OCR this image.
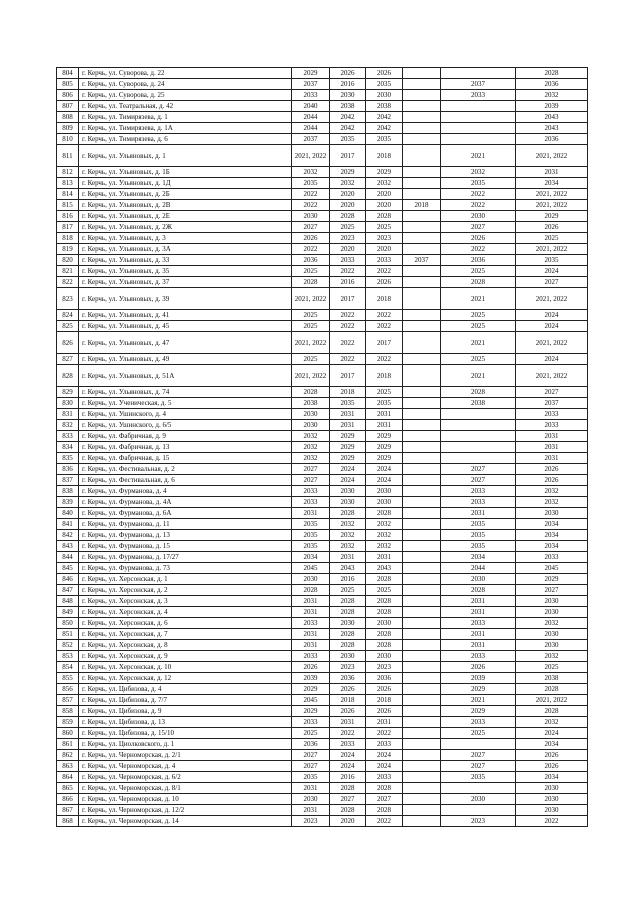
804	г. Керчь, ул. Суворова, д. 22	2029	2026	2026			2028
805	г. Керчь, ул. Суворова, д. 24	2037	2016	2035		2037	2036
806	г. Керчь, ул. Суворова, д. 25	2033	2030	2030		2033	2032
807	г. Керчь, ул. Театральная, д. 42	2040	2038	2038			2039
808	г. Керчь, ул. Тимирязева, д. 1	2044	2042	2042			2043
809	г. Керчь, ул. Тимирязева, д. 1А	2044	2042	2042			2043
810	г. Керчь, ул. Тимирязева, д. 6	2037	2035	2035			2036
811	г. Керчь, ул. Ульяновых, д. 1	2021, 2022	2017	2018		2021	2021, 2022
812	г. Керчь, ул. Ульяновых, д. 1Б	2032	2029	2029		2032	2031
813	г. Керчь, ул. Ульяновых, д. 1Д	2035	2032	2032		2035	2034
814	г. Керчь, ул. Ульяновых, д. 2Б	2022	2020	2020		2022	2021, 2022
815	г. Керчь, ул. Ульяновых, д. 2В	2022	2020	2020	2018	2022	2021, 2022
816	г. Керчь, ул. Ульяновых, д. 2Е	2030	2028	2028		2030	2029
817	г. Керчь, ул. Ульяновых, д. 2Ж	2027	2025	2025		2027	2026
818	г. Керчь, ул. Ульяновых, д. 3	2026	2023	2023		2026	2025
819	г. Керчь, ул. Ульяновых, д. 3А	2022	2020	2020		2022	2021, 2022
820	г. Керчь, ул. Ульяновых, д. 33	2036	2033	2033	2037	2036	2035
821	г. Керчь, ул. Ульяновых, д. 35	2025	2022	2022		2025	2024
822	г. Керчь, ул. Ульяновых, д. 37	2028	2016	2026		2028	2027
823	г. Керчь, ул. Ульяновых, д. 39	2021, 2022	2017	2018		2021	2021, 2022
824	г. Керчь, ул. Ульяновых, д. 41	2025	2022	2022		2025	2024
825	г. Керчь, ул. Ульяновых, д. 45	2025	2022	2022		2025	2024
826	г. Керчь, ул. Ульяновых, д. 47	2021, 2022	2022	2017		2021	2021, 2022
827	г. Керчь, ул. Ульяновых, д. 49	2025	2022	2022		2025	2024
828	г. Керчь, ул. Ульяновых, д. 51А	2021, 2022	2017	2018		2021	2021, 2022
829	г. Керчь, ул. Ульяновых, д. 74	2028	2018	2025		2028	2027
830	г. Керчь, ул. Ученическая, д. 5	2038	2035	2035		2038	2037
831	г. Керчь, ул. Ушинского, д. 4	2030	2031	2031			2033
832	г. Керчь, ул. Ушинского, д. 6/5	2030	2031	2031			2033
833	г. Керчь, ул. Фабричная, д. 9	2032	2029	2029			2031
834	г. Керчь, ул. Фабричная, д. 13	2032	2029	2029			2031
835	г. Керчь, ул. Фабричная, д. 15	2032	2029	2029			2031
836	г. Керчь, ул. Фестивальная, д. 2	2027	2024	2024		2027	2026
837	г. Керчь, ул. Фестивальная, д. 6	2027	2024	2024		2027	2026
838	г. Керчь, ул. Фурмановa, д. 4	2033	2030	2030		2033	2032
839	г. Керчь, ул. Фурманова, д. 4А	2033	2030	2030		2033	2032
840	г. Керчь, ул. Фурманова, д. 6А	2031	2028	2028		2031	2030
841	г. Керчь, ул. Фурманова, д. 11	2035	2032	2032		2035	2034
842	г. Керчь, ул. Фурманова, д. 13	2035	2032	2032		2035	2034
843	г. Керчь, ул. Фурманова, д. 15	2035	2032	2032		2035	2034
844	г. Керчь, ул. Фурманова, д. 17/27	2034	2031	2031		2034	2033
845	г. Керчь, ул. Фурманова, д. 73	2045	2043	2043		2044	2045
846	г. Керчь, ул. Херсонская, д. 1	2030	2016	2028		2030	2029
847	г. Керчь, ул. Херсонская, д. 2	2028	2025	2025		2028	2027
848	г. Керчь, ул. Херсонская, д. 3	2031	2028	2028		2031	2030
849	г. Керчь, ул. Херсонская, д. 4	2031	2028	2028		2031	2030
850	г. Керчь, ул. Херсонская, д. 6	2033	2030	2030		2033	2032
851	г. Керчь, ул. Херсонская, д. 7	2031	2028	2028		2031	2030
852	г. Керчь, ул. Херсонская, д. 8	2031	2028	2028		2031	2030
853	г. Керчь, ул. Херсонская, д. 9	2033	2030	2030		2033	2032
854	г. Керчь, ул. Херсонская, д. 10	2026	2023	2023		2026	2025
855	г. Керчь, ул. Херсонская, д. 12	2039	2036	2036		2039	2038
856	г. Керчь, ул. Цибизова, д. 4	2029	2026	2026		2029	2028
857	г. Керчь, ул. Цибизова, д. 7/7	2045	2018	2018		2021	2021, 2022
858	г. Керчь, ул. Цибизова, д. 9	2029	2026	2026		2029	2028
859	г. Керчь, ул. Цибизова, д. 13	2033	2031	2031		2033	2032
860	г. Керчь, ул. Цибизова, д. 15/10	2025	2022	2022		2025	2024
861	г. Керчь, ул. Циолковского, д. 1	2036	2033	2033			2034
862	г. Керчь, ул. Черноморская, д. 2/1	2027	2024	2024		2027	2026
863	г. Керчь, ул. Черноморская, д. 4	2027	2024	2024		2027	2026
864	г. Керчь, ул. Черноморская, д. 6/2	2035	2016	2033		2035	2034
865	г. Керчь, ул. Черноморская, д. 8/1	2031	2028	2028			2030
866	г. Керчь, ул. Черноморская, д. 10	2030	2027	2027		2030	2030
867	г. Керчь, ул. Черноморская, д. 12/2	2031	2028	2028			2030
868	г. Керчь, ул. Черноморская, д. 14	2023	2020	2022		2023	2022
